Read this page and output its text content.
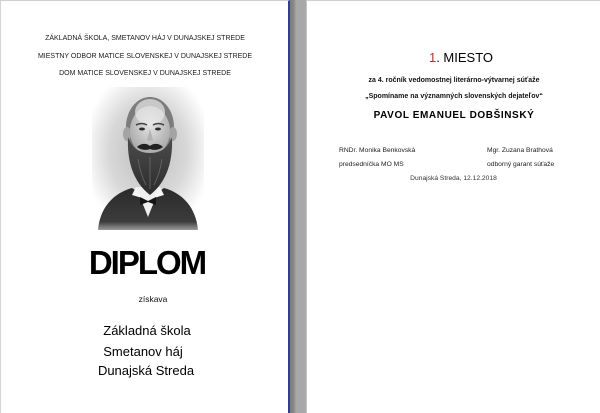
ZÁKLADNÁ ŠKOLA, SMETANOV HÁJ V DUNAJSKEJ STREDE
MIESTNY ODBOR MATICE SLOVENSKEJ V DUNAJSKEJ STREDE
DOM MATICE SLOVENSKEJ V DUNAJSKEJ STREDE
DIPLOM
získava
Základná škola
Smetanov háj
Dunajská Streda
1. MIESTO
za 4. ročník vedomostnej literárno-výtvarnej súťaže
„Spomíname na významných slovenských dejateľov“
PAVOL EMANUEL DOBŠINSKÝ
RNDr. Monika Benkovská
predsedníčka MO MS
Mgr. Zuzana Brathová
odborný garant súťaže
Dunajská Streda, 12.12.2018
